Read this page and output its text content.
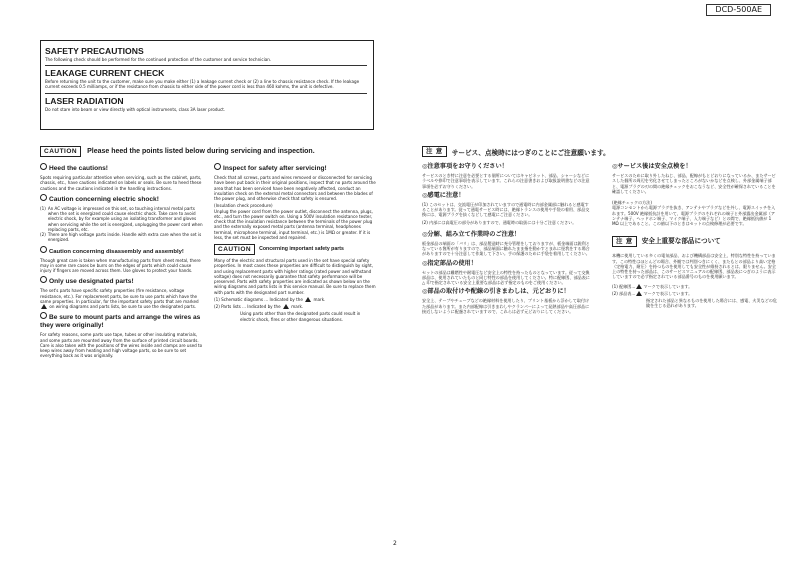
DCD-500AE
SAFETY PRECAUTIONS
The following check should be performed for the continued protection of the customer and service technician.
LEAKAGE CURRENT CHECK
Before returning the unit to the customer, make sure you make either (1) a leakage current check or (2) a line to chassis resistance check. If the leakage current exceeds 0.5 milliamps, or if the resistance from chassis to either side of the power cord is less than 460 kohms, the unit is defective.
LASER RADIATION
Do not stare into beam or view directly with optical instruments, class 3A laser product.
CAUTION	Please heed the points listed below during servicing and inspection.
Heed the cautions!

Spots requiring particular attention when servicing, such as the cabinet, parts, chassis, etc., have cautions indicated on labels or seals. Be sure to heed these cautions and the cautions indicated in the handling instructions.

Caution concerning electric shock!
(1) An AC voltage is impressed on this set, so touching internal metal parts when the set is energized could cause electric shock. Take care to avoid electric shock, by for example using an isolating transformer and gloves when servicing while the set is energized, unplugging the power cord when replacing parts, etc.
(2) There are high voltage parts inside. Handle with extra care when the set is energized.
Caution concerning disassembly and assembly!

Though great care is taken when manufacturing parts from sheet metal, there may in some rare cases be burrs on the edges of parts which could cause injury if fingers are moved across them. Use gloves to protect your hands.

Only use designated parts!

The set's parts have specific safety properties (fire resistance, voltage resistance, etc.). For replacement parts, be sure to use parts which have the same properties. In particular, for the important safety parts that are marked  on wiring diagrams and parts lists, be sure to use the designated parts.

Be sure to mount parts and arrange the wires as they were originally!

For safety reasons, some parts use tape, tubes or other insulating materials, and some parts are mounted away from the surface of printed circuit boards. Care is also taken with the positions of the wires inside and clamps are used to keep wires away from heating and high voltage parts, so be sure to set everything back as it was originally.

Inspect for safety after servicing!

Check that all screws, parts and wires removed or disconnected for servicing have been put back in their original positions, inspect that no parts around the area that has been serviced have been negatively affected, conduct an insulation check on the external metal connectors and between the blades of the power plug, and otherwise check that safety is ensured.

(Insulation check procedure)

Unplug the power cord from the power outlet, disconnect the antenna, plugs, etc., and turn the power switch on. Using a 500V insulation resistance tester, check that the insulation resistance between the terminals of the power plug and the externally exposed metal parts (antenna terminal, headphones terminal, microphone terminal, input terminal, etc.) is 1MΩ or greater. If it is less, the set must be inspected and repaired.

CAUTION	Concerning important safety parts

Many of the electric and structural parts used in the set have special safety properties. In most cases these properties are difficult to distinguish by sight, and using replacement parts with higher ratings (rated power and withstand voltage) does not necessarily guarantee that safety performance will be preserved. Parts with safety properties are indicated as shown below on the wiring diagrams and parts lists in this service manual. Be sure to replace them with parts with the designated part number.

(1) Schematic diagrams ... Indicated by the	mark.

(2) Parts lists ... Indicated by the	mark.

Using parts other than the designated parts could result in electric shock, fires or other dangerous situations.

注 意	サービス、点検時にはつぎのことにご注意願います。
◎注意事項をお守りください！

サービスのとき特に注意を必要とする個所についてはキャビネット、部品、シャーシなどにラベルや捺印で注意事項を表示しています。これらの注意書きおよび取扱説明書などの注意事項を必ずお守りください。

◎感電に注意！

(1) このセットは、交流電圧が印加されていますので通電時に内部金属部に触れると感電することがあります。従って通電サービス時には、絶縁トランスの使用や手袋の着用、部品交換には、電源プラグを抜くなどして感電にご注意ください。

(2) 内部には高電圧の部分がありますので、通電時の取扱には十分ご注意ください。

◎分解、組み立て作業時のご注意！

板金部品の端面の「バリ」は、部品製造時に充分管理をしておりますが、板金端面は鋭利となっている箇所が有りますので、部品端面に触れたまま指を動かすとまれに怪我をする場合がありますので十分注意して作業して下さい。手の保護のために手袋を着用してください。

◎指定部品の使用！

セットの部品は難燃性や耐電圧など安全上の特性を持ったものとなっています。従って交換部品は、使用されていたものと同じ特性の部品を使用してください。特に配線図、部品表に △ 印で指定されている安全上重要な部品は必ず指定のものをご使用ください。

◎部品の取付けや配線の引きまわしは、元どおりに！

安全上、テープやチューブなどの絶縁材料を使用したり、プリント基板から浮かして取付けた部品があります。また内部配線は引きまわしやクランパーによって発熱部品や高圧部品に接近しないように配慮されていますので、これらは必ず元どおりにしてください。

◎サービス後は安全点検を！

サービスのために取り外したねじ、部品、配線がもとどおりになっているか、またサービスした個所の周辺を劣化させてしまったところがないかなどを点検し、外部金属端子部と、電源プラグの刃の間の絶縁チェックをおこなうなど、安全性が確保されていることを確認してください。

(絶縁チェックの方法)

電源コンセントから電源プラグを抜き、アンテナやプラグなどを外し、電源スイッチを入れます。500V 絶縁抵抗計を用いて、電源プラグのそれぞれの端子と外部露出金属部（アンテナ端子、ヘッドホン端子、マイク端子、入力端子など）との間で、絶縁抵抗値が 1 MΩ 以上であること。この値以下のときはセットの点検修理が必要です。

注 意	安全上重要な部品について

本機に使用している多くの電気部品、および機構部品は安全上、特別な特性を持っています。この特性はほとんどの場合、外観では判別つきにくく、またもとの部品より高い定格（定格電力、耐圧）を持つものを使用しても安全性が維持されるとは、限りません。安全上の特性を持った部品は、このサービスマニュアルの配線図、部品表につぎのように表示していますので必ず指定されている部品番号のものを使用願います。

(1) 配線図… マークで表示しています。

(2) 部品表… マークで表示しています。

指定された部品と異なるものを使用した場合には、感電、火災などの危険を生じる恐れがあります。

2
